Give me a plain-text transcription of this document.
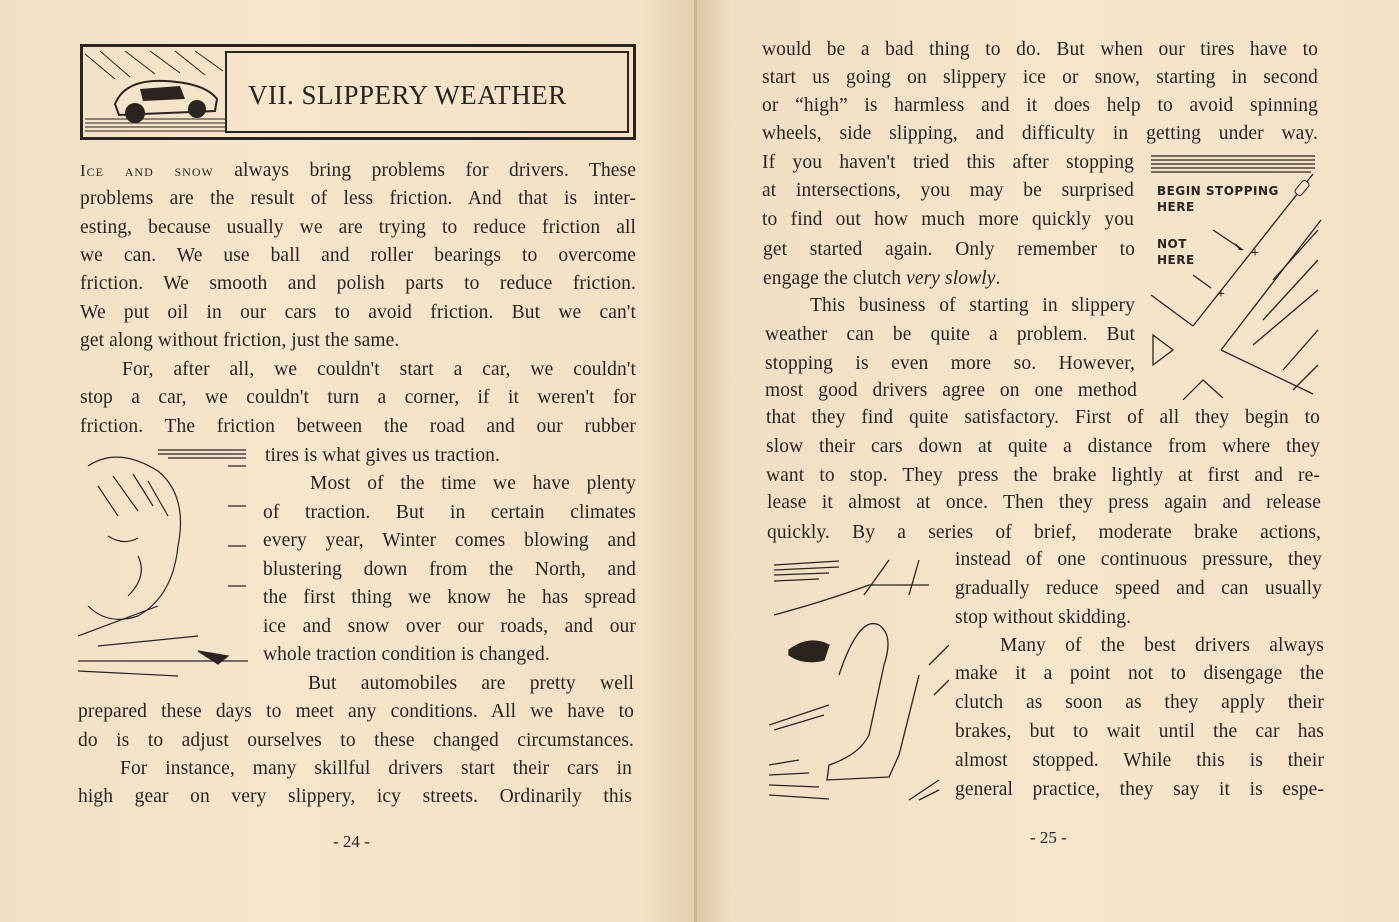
VII. SLIPPERY WEATHER
+
+
BEGIN STOPPING
HERE
NOT
HERE
Ice and snow always bring problems for drivers. These
problems are the result of less friction. And that is inter-
esting, because usually we are trying to reduce friction all
we can. We use ball and roller bearings to overcome
friction. We smooth and polish parts to reduce friction.
We put oil in our cars to avoid friction. But we can't
get along without friction, just the same.
For, after all, we couldn't start a car, we couldn't
stop a car, we couldn't turn a corner, if it weren't for
friction. The friction between the road and our rubber
tires is what gives us traction.
Most of the time we have plenty
of traction. But in certain climates
every year, Winter comes blowing and
blustering down from the North, and
the first thing we know he has spread
ice and snow over our roads, and our
whole traction condition is changed.
But automobiles are pretty well
prepared these days to meet any conditions. All we have to
do is to adjust ourselves to these changed circumstances.
For instance, many skillful drivers start their cars in
high gear on very slippery, icy streets. Ordinarily this
would be a bad thing to do. But when our tires have to
start us going on slippery ice or snow, starting in second
or “high” is harmless and it does help to avoid spinning
wheels, side slipping, and difficulty in getting under way.
If you haven't tried this after stopping
at intersections, you may be surprised
to find out how much more quickly you
get started again. Only remember to
engage the clutch very slowly.
This business of starting in slippery
weather can be quite a problem. But
stopping is even more so. However,
most good drivers agree on one method
that they find quite satisfactory. First of all they begin to
slow their cars down at quite a distance from where they
want to stop. They press the brake lightly at first and re-
lease it almost at once. Then they press again and release
quickly. By a series of brief, moderate brake actions,
instead of one continuous pressure, they
gradually reduce speed and can usually
stop without skidding.
Many of the best drivers always
make it a point not to disengage the
clutch as soon as they apply their
brakes, but to wait until the car has
almost stopped. While this is their
general practice, they say it is espe-
- 24 -	- 25 -
